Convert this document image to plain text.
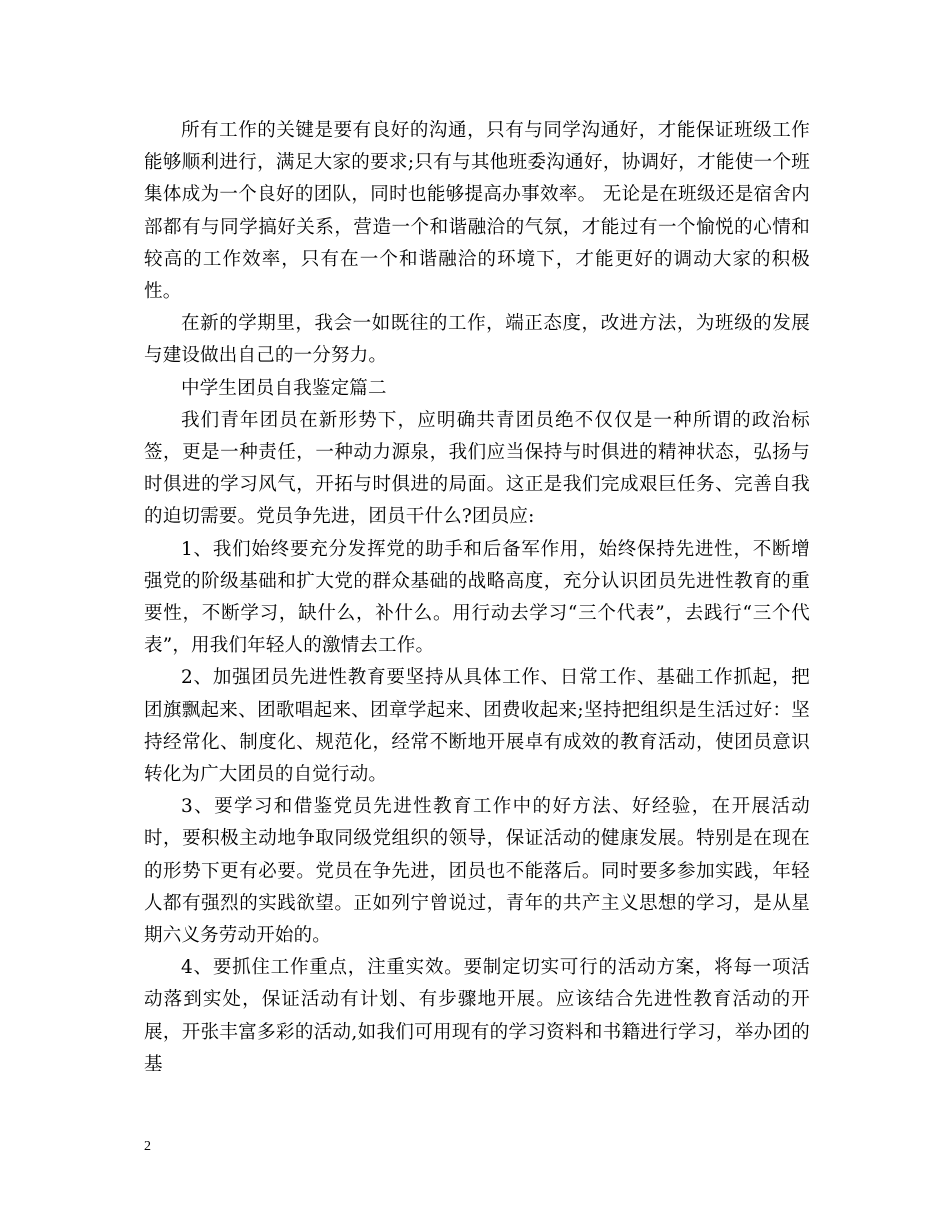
所有工作的关键是要有良好的沟通，只有与同学沟通好，才能保证班级工作能够顺利进行，满足大家的要求;只有与其他班委沟通好，协调好，才能使一个班集体成为一个良好的团队，同时也能够提高办事效率。 无论是在班级还是宿舍内部都有与同学搞好关系，营造一个和谐融洽的气氛，才能过有一个愉悦的心情和较高的工作效率，只有在一个和谐融洽的环境下，才能更好的调动大家的积极性。

在新的学期里，我会一如既往的工作，端正态度，改进方法，为班级的发展与建设做出自己的一分努力。

中学生团员自我鉴定篇二

我们青年团员在新形势下，应明确共青团员绝不仅仅是一种所谓的政治标签，更是一种责任，一种动力源泉，我们应当保持与时俱进的精神状态，弘扬与时俱进的学习风气，开拓与时俱进的局面。这正是我们完成艰巨任务、完善自我的迫切需要。党员争先进，团员干什么?团员应:

1、我们始终要充分发挥党的助手和后备军作用，始终保持先进性，不断增强党的阶级基础和扩大党的群众基础的战略高度，充分认识团员先进性教育的重要性，不断学习，缺什么，补什么。用行动去学习“三个代表”，去践行“三个代表”，用我们年轻人的激情去工作。

2、加强团员先进性教育要坚持从具体工作、日常工作、基础工作抓起，把团旗飘起来、团歌唱起来、团章学起来、团费收起来;坚持把组织是生活过好：坚持经常化、制度化、规范化，经常不断地开展卓有成效的教育活动，使团员意识转化为广大团员的自觉行动。

3、要学习和借鉴党员先进性教育工作中的好方法、好经验，在开展活动时，要积极主动地争取同级党组织的领导，保证活动的健康发展。特别是在现在的形势下更有必要。党员在争先进，团员也不能落后。同时要多参加实践，年轻人都有强烈的实践欲望。正如列宁曾说过，青年的共产主义思想的学习，是从星期六义务劳动开始的。

4、要抓住工作重点，注重实效。要制定切实可行的活动方案，将每一项活动落到实处，保证活动有计划、有步骤地开展。应该结合先进性教育活动的开展，开张丰富多彩的活动,如我们可用现有的学习资料和书籍进行学习，举办团的基

2
